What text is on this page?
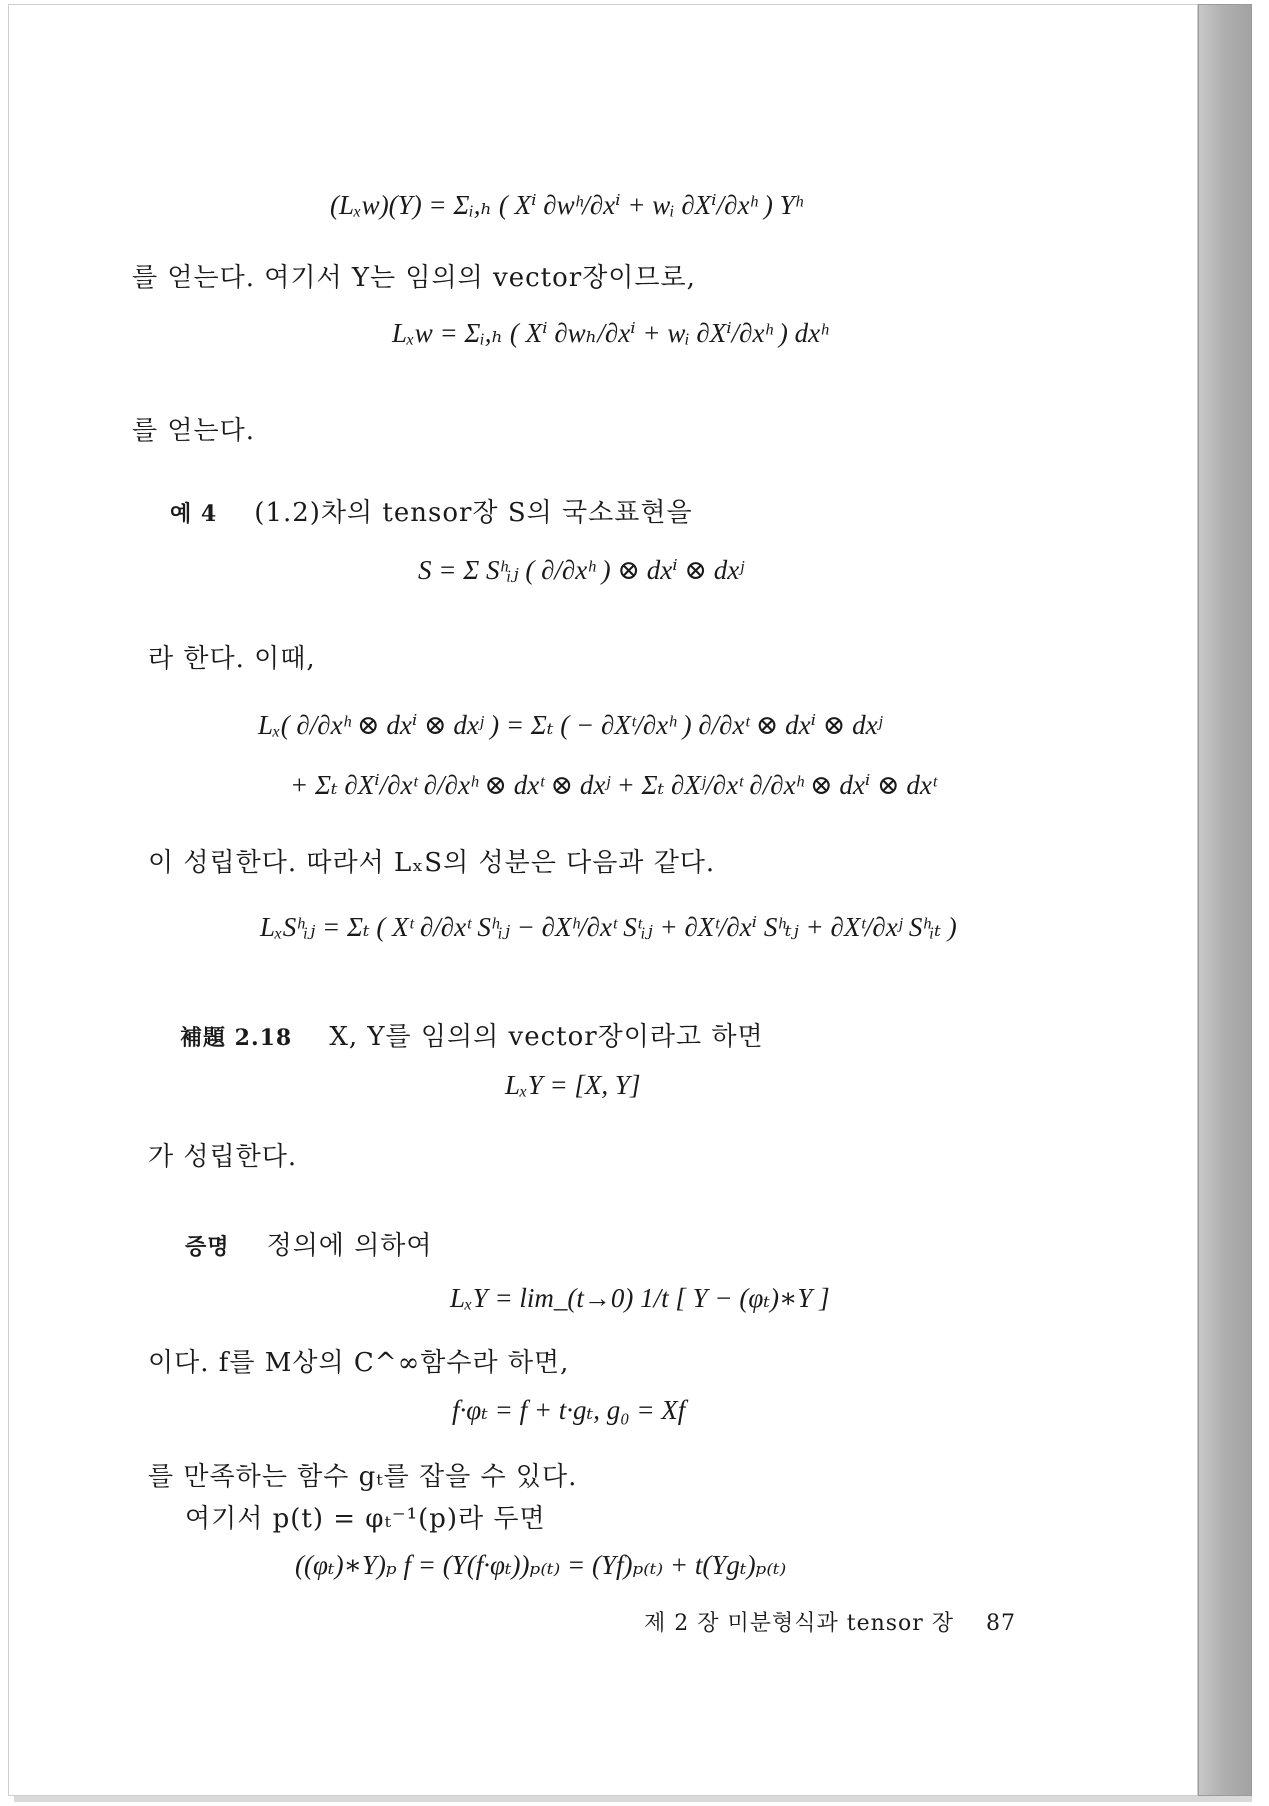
(Lₓw)(Y) = Σᵢ,ₕ ( Xⁱ ∂wʰ/∂xⁱ + wᵢ ∂Xⁱ/∂xʰ ) Yʰ
를 얻는다. 여기서 Y는 임의의 vector장이므로,
Lₓw = Σᵢ,ₕ ( Xⁱ ∂wₕ/∂xⁱ + wᵢ ∂Xⁱ/∂xʰ ) dxʰ
를 얻는다.
예 4 (1.2)차의 tensor장 S의 국소표현을
S = Σ Sʰᵢⱼ ( ∂/∂xʰ ) ⊗ dxⁱ ⊗ dxʲ
라 한다. 이때,
Lₓ( ∂/∂xʰ ⊗ dxⁱ ⊗ dxʲ ) = Σₜ ( − ∂Xᵗ/∂xʰ ) ∂/∂xᵗ ⊗ dxⁱ ⊗ dxʲ
+ Σₜ ∂Xⁱ/∂xᵗ ∂/∂xʰ ⊗ dxᵗ ⊗ dxʲ + Σₜ ∂Xʲ/∂xᵗ ∂/∂xʰ ⊗ dxⁱ ⊗ dxᵗ
이 성립한다. 따라서 LₓS의 성분은 다음과 같다.
LₓSʰᵢⱼ = Σₜ ( Xᵗ ∂/∂xᵗ Sʰᵢⱼ − ∂Xʰ/∂xᵗ Sᵗᵢⱼ + ∂Xᵗ/∂xⁱ Sʰₜⱼ + ∂Xᵗ/∂xʲ Sʰᵢₜ )
補題 2.18 X, Y를 임의의 vector장이라고 하면
LₓY = [X, Y]
가 성립한다.
증명 정의에 의하여
LₓY = lim_(t→0) 1/t [ Y − (φₜ)∗Y ]
이다. f를 M상의 C^∞함수라 하면,
f·φₜ = f + t·gₜ, g₀ = Xf
를 만족하는 함수 gₜ를 잡을 수 있다.
여기서 p(t) = φₜ⁻¹(p)라 두면
((φₜ)∗Y)ₚ f = (Y(f·φₜ))ₚ₍ₜ₎ = (Yf)ₚ₍ₜ₎ + t(Ygₜ)ₚ₍ₜ₎
제 2 장 미분형식과 tensor 장 87
